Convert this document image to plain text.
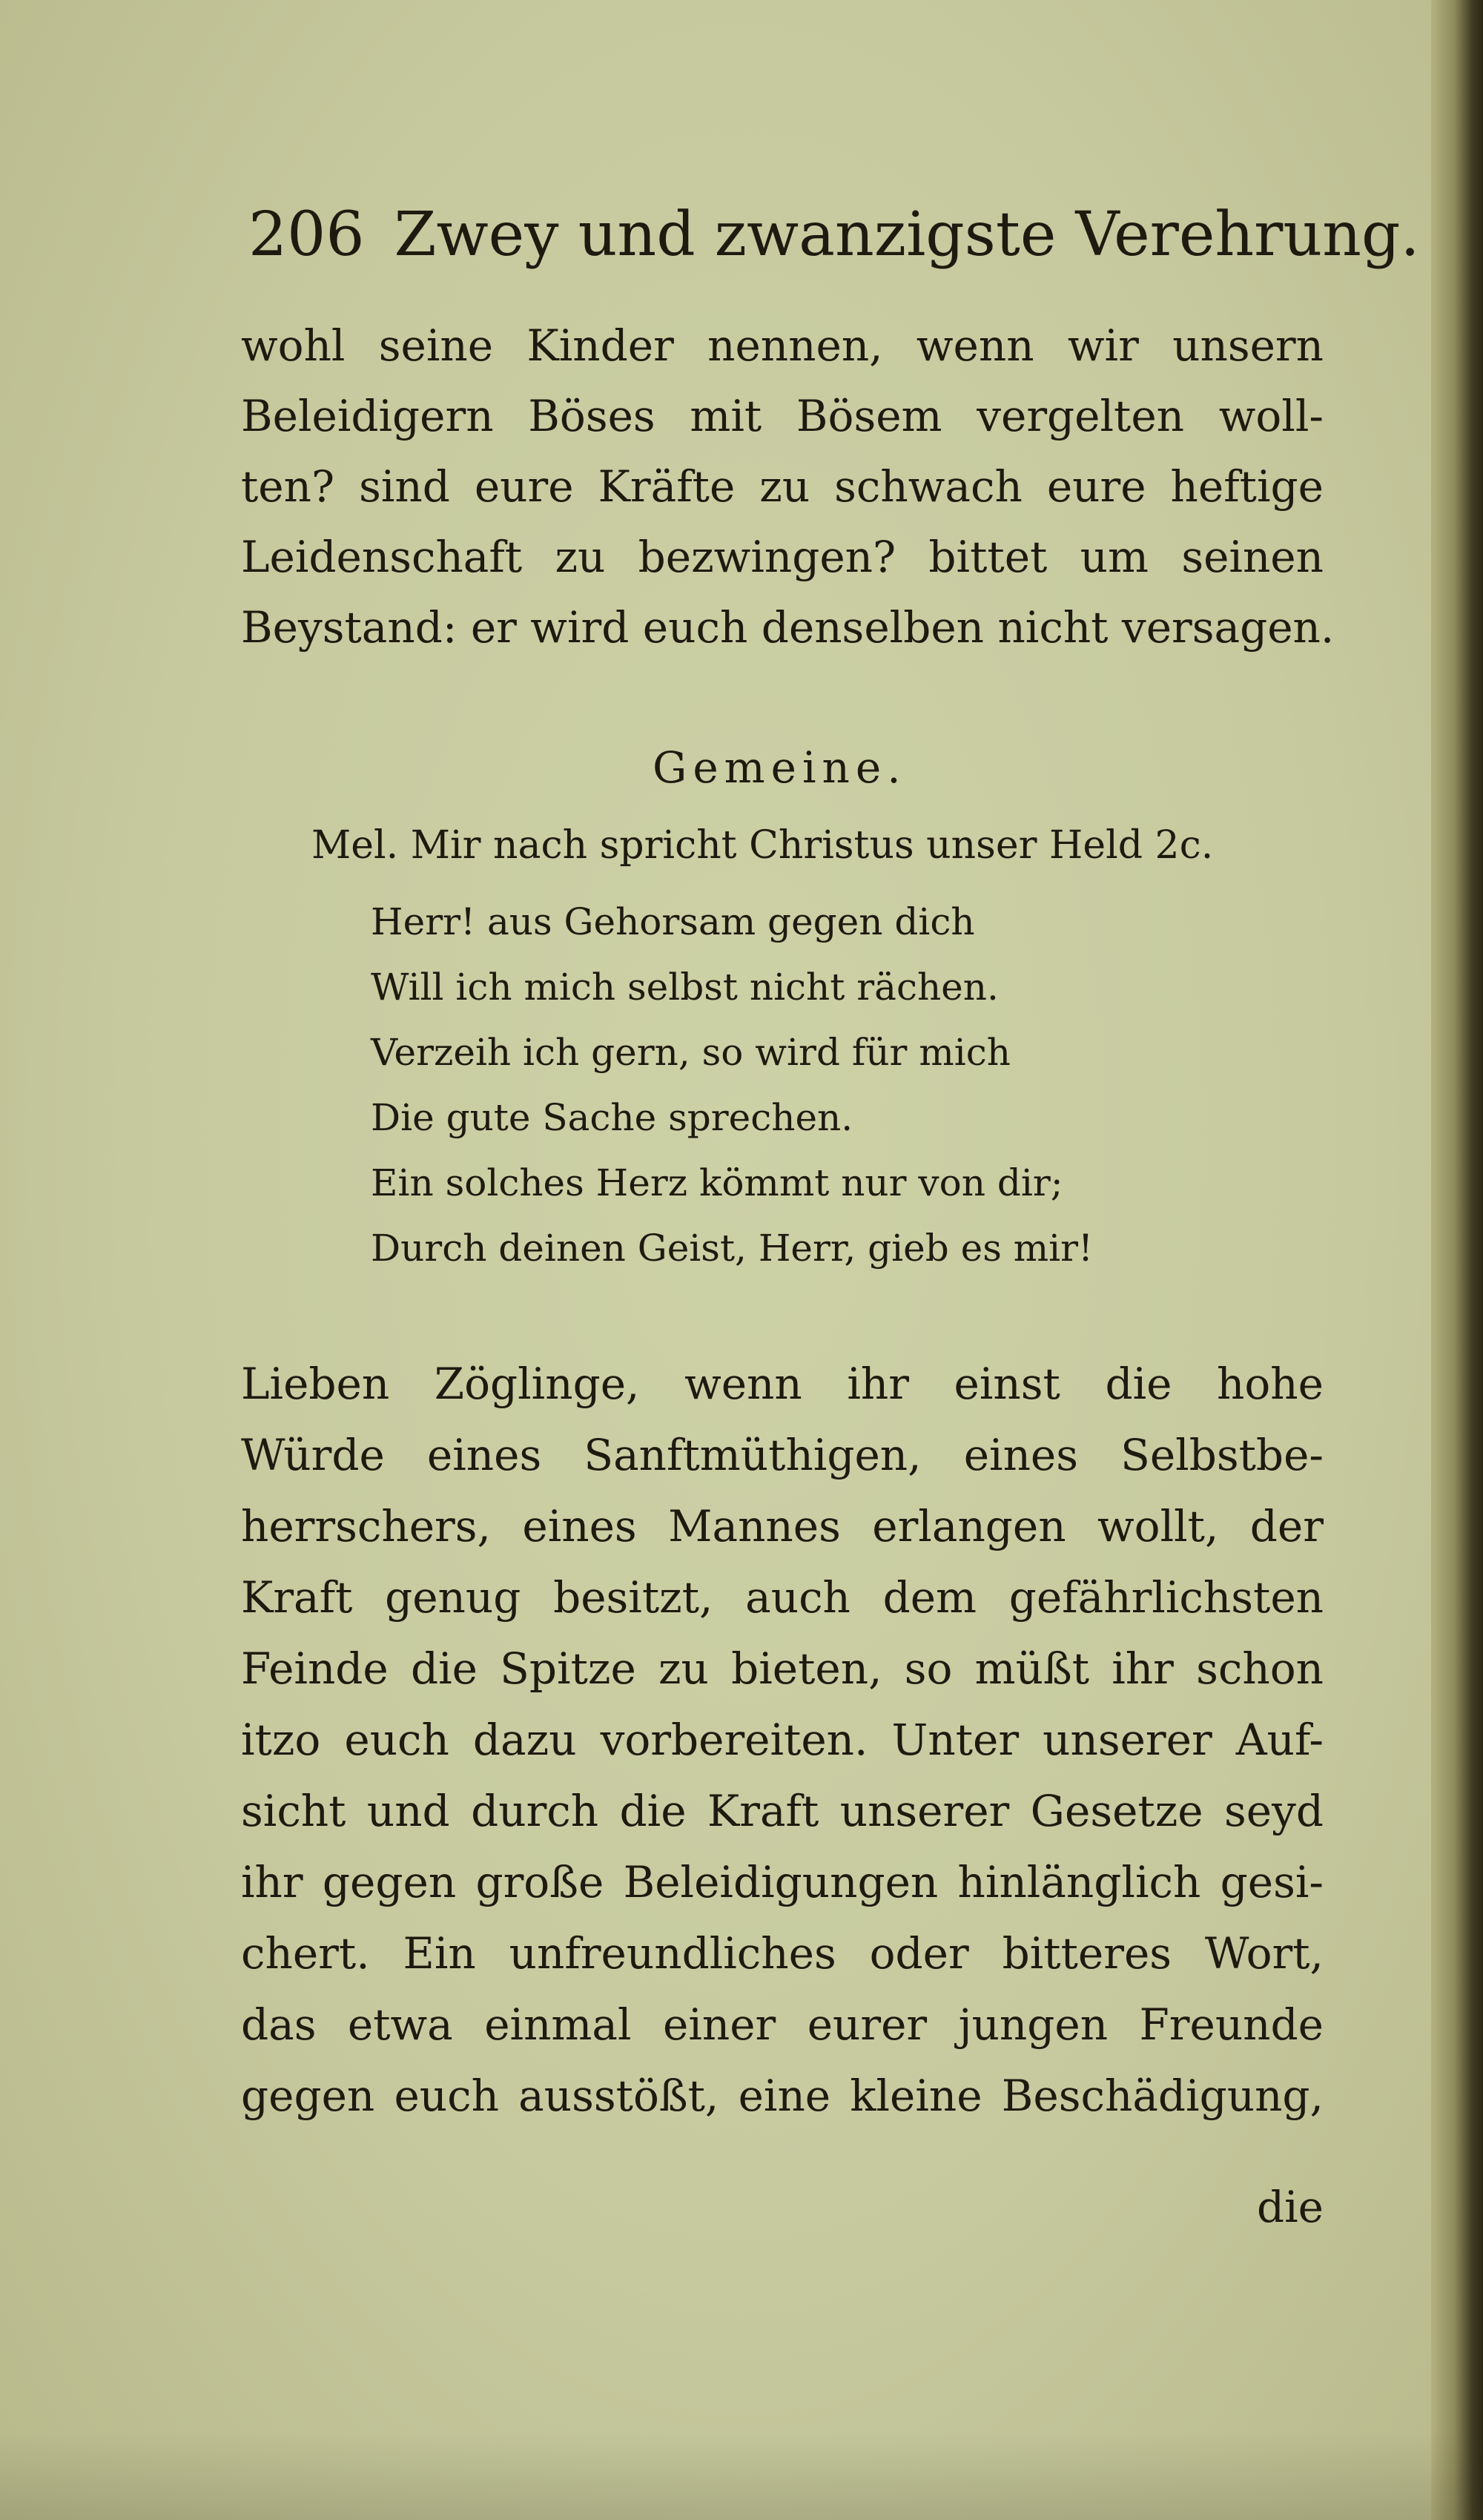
206 Zwey und zwanzigste Verehrung.
wohl seine Kinder nennen, wenn wir unsern
Beleidigern Böses mit Bösem vergelten woll-
ten? sind eure Kräfte zu schwach eure heftige
Leidenschaft zu bezwingen? bittet um seinen
Beystand: er wird euch denselben nicht versagen.
Gemeine.
Mel. Mir nach spricht Christus unser Held 2c.
Herr! aus Gehorsam gegen dich
Will ich mich selbst nicht rächen.
Verzeih ich gern, so wird für mich
Die gute Sache sprechen.
Ein solches Herz kömmt nur von dir;
Durch deinen Geist, Herr, gieb es mir!
Lieben Zöglinge, wenn ihr einst die hohe
Würde eines Sanftmüthigen, eines Selbstbe-
herrschers, eines Mannes erlangen wollt, der
Kraft genug besitzt, auch dem gefährlichsten
Feinde die Spitze zu bieten, so müßt ihr schon
itzo euch dazu vorbereiten. Unter unserer Auf-
sicht und durch die Kraft unserer Gesetze seyd
ihr gegen große Beleidigungen hinlänglich gesi-
chert. Ein unfreundliches oder bitteres Wort,
das etwa einmal einer eurer jungen Freunde
gegen euch ausstößt, eine kleine Beschädigung,
die
